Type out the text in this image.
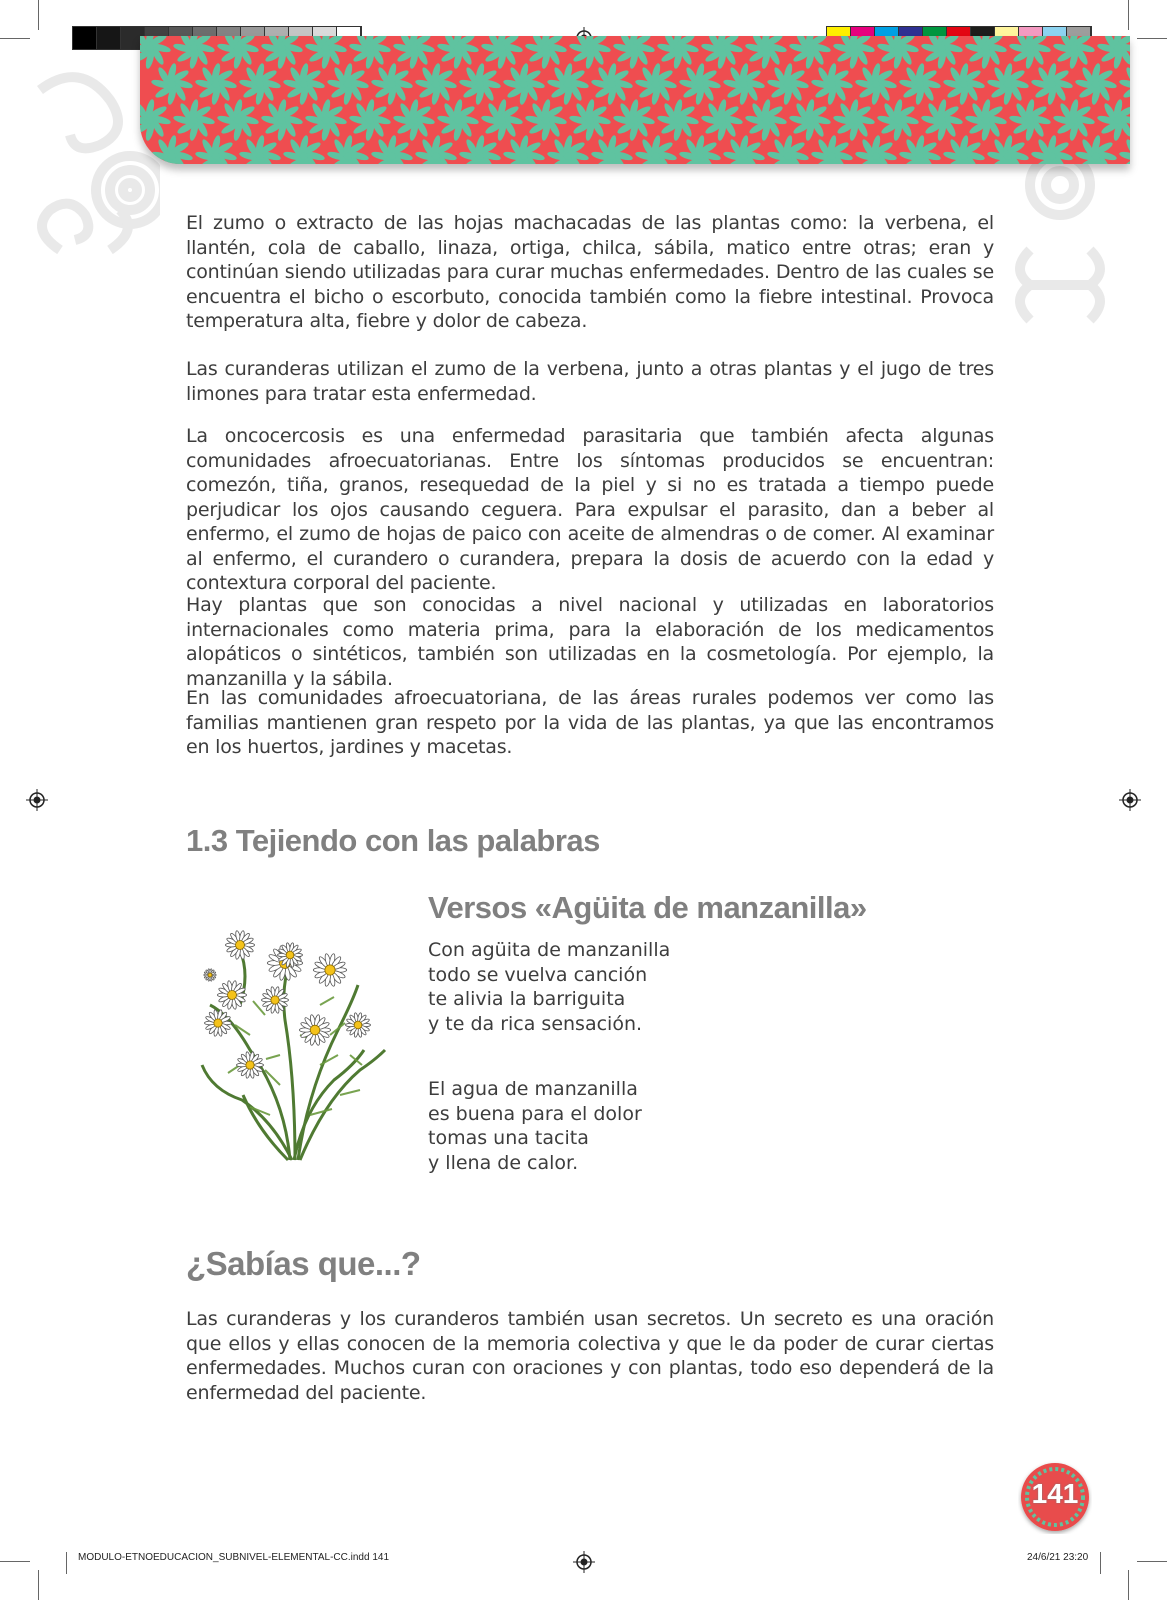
El zumo o extracto de las hojas machacadas de las plantas como: la verbena, el llantén, cola de caballo, linaza, ortiga, chilca, sábila, matico entre otras; eran y continúan siendo utilizadas para curar muchas enfermedades. Dentro de las cuales se encuentra el bicho o escorbuto, conocida también como la fiebre intestinal. Provoca temperatura alta, fiebre y dolor de cabeza.

Las curanderas utilizan el zumo de la verbena, junto a otras plantas y el jugo de tres limones para tratar esta enfermedad.

La oncocercosis es una enfermedad parasitaria que también afecta algunas comunidades afroecuatorianas. Entre los síntomas producidos se encuentran: comezón, tiña, granos, resequedad de la piel y si no es tratada a tiempo puede perjudicar los ojos causando ceguera. Para expulsar el parasito, dan a beber al enfermo, el zumo de hojas de paico con aceite de almendras o de comer. Al examinar al enfermo, el curandero o curandera, prepara la dosis de acuerdo con la edad y contextura corporal del paciente.

Hay plantas que son conocidas a nivel nacional y utilizadas en laboratorios internacionales como materia prima, para la elaboración de los medicamentos alopáticos o sintéticos, también son utilizadas en la cosmetología. Por ejemplo, la manzanilla y la sábila.

En las comunidades afroecuatoriana, de las áreas rurales podemos ver como las familias mantienen gran respeto por la vida de las plantas, ya que las encontramos en los huertos, jardines y macetas.

1.3 Tejiendo con las palabras
Versos «Agüita de manzanilla»
Con agüita de manzanilla
todo se vuelva canción
te alivia la barriguita
y te da rica sensación.
El agua de manzanilla
es buena para el dolor
tomas una tacita
y llena de calor.
¿Sabías que...?

Las curanderas y los curanderos también usan secretos. Un secreto es una oración que ellos y ellas conocen de la memoria colectiva y que le da poder de curar ciertas enfermedades. Muchos curan con oraciones y con plantas, todo eso dependerá de la enfermedad del paciente.

141
MODULO-ETNOEDUCACION_SUBNIVEL-ELEMENTAL-CC.indd 141	24/6/21 23:20
